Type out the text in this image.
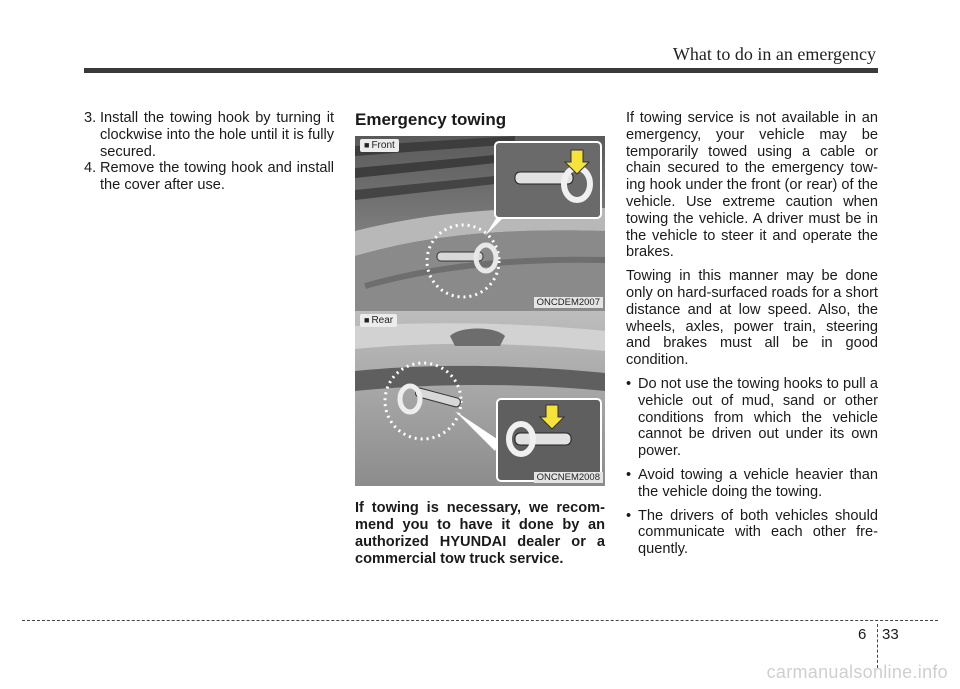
What to do in an emergency

3. Install the towing hook by turning it clockwise into the hole until it is fully secured.

4. Remove the towing hook and install the cover after use.

Emergency towing
■ Front
ONCDEM2007
■ Rear
ONCNEM2008

If towing is necessary, we recom-mend you to have it done by an authorized HYUNDAI dealer or a commercial tow truck service.

If towing service is not available in an emergency, your vehicle may be temporarily towed using a cable or chain secured to the emergency tow-ing hook under the front (or rear) of the vehicle. Use extreme caution when towing the vehicle. A driver must be in the vehicle to steer it and operate the brakes.

Towing in this manner may be done only on hard-surfaced roads for a short distance and at low speed. Also, the wheels, axles, power train, steering and brakes must all be in good condition.

• Do not use the towing hooks to pull a vehicle out of mud, sand or other conditions from which the vehicle cannot be driven out under its own power.
• Avoid towing a vehicle heavier than the vehicle doing the towing.
• The drivers of both vehicles should communicate with each other fre-quently.
6 33
carmanualsonline.info
